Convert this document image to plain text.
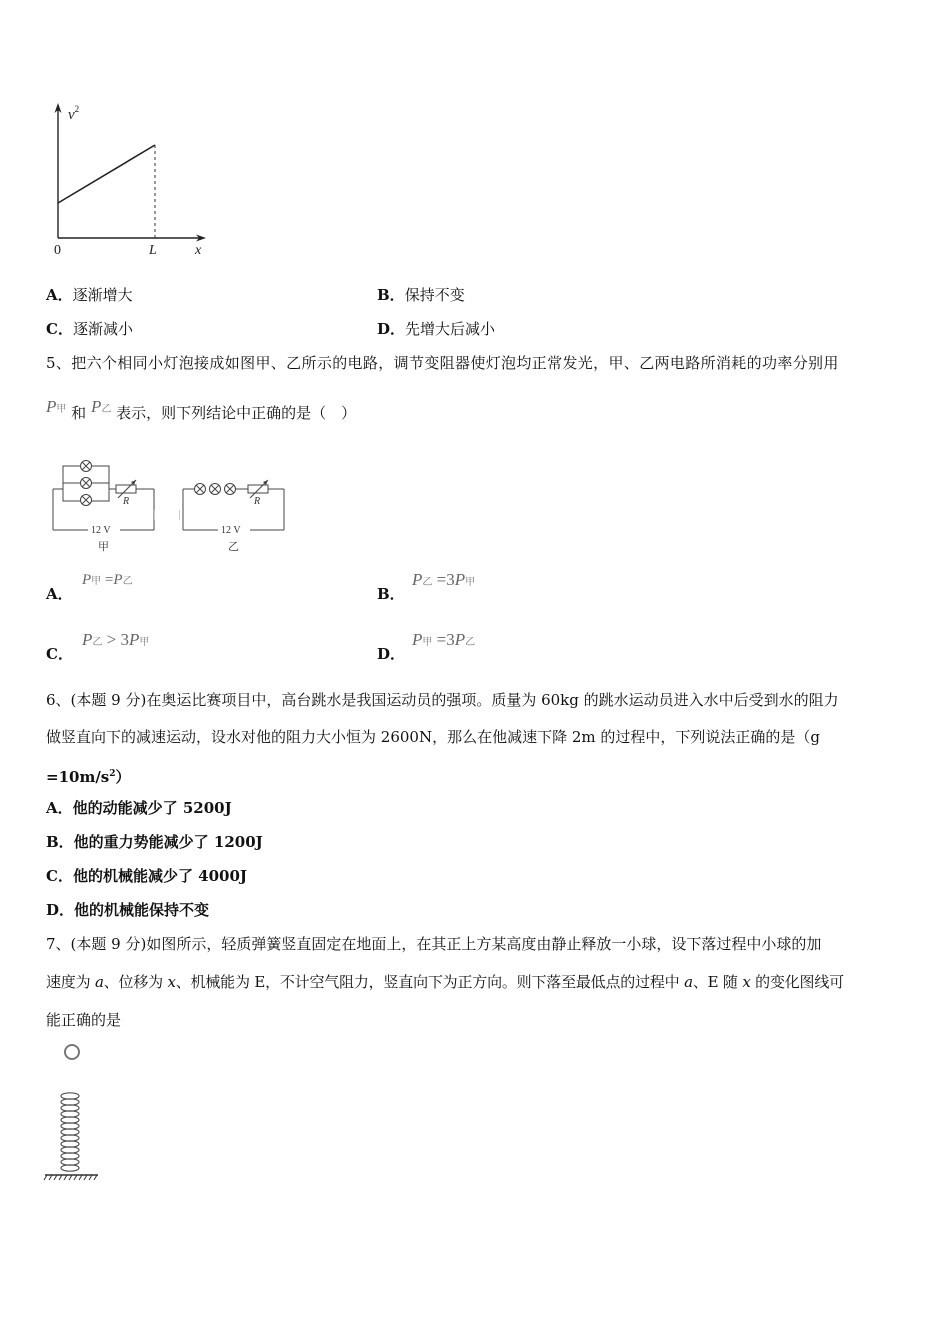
$v^2$
0	L	x
A．逐渐增大	B．保持不变
C．逐渐减小	D．先增大后减小
5、把六个相同小灯泡接成如图甲、乙所示的电路，调节变阻器使灯泡均正常发光，甲、乙两电路所消耗的功率分别用
P甲 和 P乙 表示，则下列结论中正确的是（　）
R
12 V
甲
R
12 V
乙
A．
P甲 =P乙
B．
P乙 =3P甲
C．
P乙 > 3P甲
D．
P甲 =3P乙
6、(本题 9 分)在奥运比赛项目中，高台跳水是我国运动员的强项。质量为 60kg 的跳水运动员进入水中后受到水的阻力
做竖直向下的减速运动，设水对他的阻力大小恒为 2600N，那么在他减速下降 2m 的过程中，下列说法正确的是（g
$=10m/s^2$）
A．他的动能减少了 5200J
B．他的重力势能减少了 1200J
C．他的机械能减少了 4000J
D．他的机械能保持不变
7、(本题 9 分)如图所示，轻质弹簧竖直固定在地面上，在其正上方某高度由静止释放一小球，设下落过程中小球的加
速度为 a、位移为 x、机械能为 E，不计空气阻力，竖直向下为正方向。则下落至最低点的过程中 a、E 随 x 的变化图线可
能正确的是
